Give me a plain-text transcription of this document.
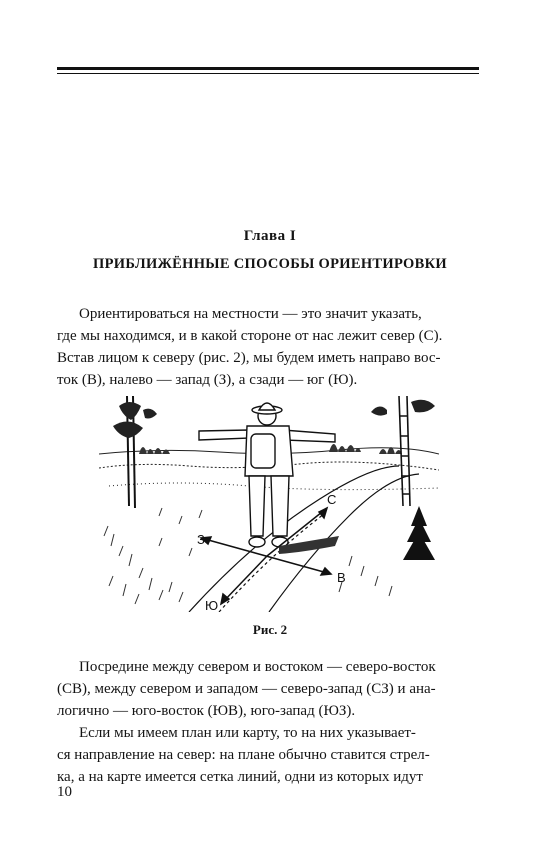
Глава I
ПРИБЛИЖЁННЫЕ СПОСОБЫ ОРИЕНТИРОВКИ

Ориентироваться на местности — это значит указать,
где мы находимся, и в какой стороне от нас лежит север (С).
Встав лицом к северу (рис. 2), мы будем иметь направо вос-
ток (В), налево — запад (З), а сзади — юг (Ю).

З
В
Ю
С
Рис. 2

Посредине между севером и востоком — северо-восток
(СВ), между севером и западом — северо-запад (СЗ) и ана-
логично — юго-восток (ЮВ), юго-запад (ЮЗ).

Если мы имеем план или карту, то на них указывает-
ся направление на север: на плане обычно ставится стрел-
ка, а на карте имеется сетка линий, одни из которых идут

10
